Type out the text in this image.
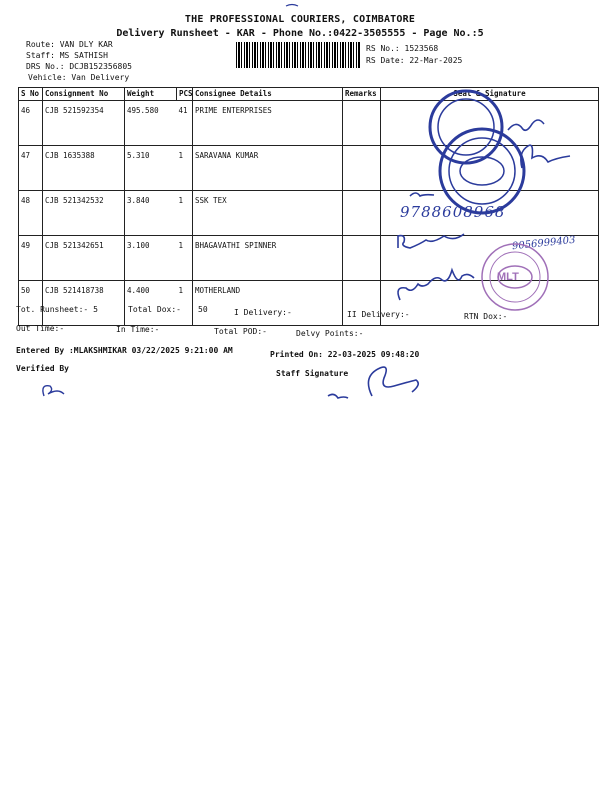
THE PROFESSIONAL COURIERS, COIMBATORE
Delivery Runsheet - KAR - Phone No.:0422-3505555 - Page No.:5
Route: VAN DLY KAR
Staff: MS SATHISH
DRS No.: DCJB152356805
Vehicle: Van Delivery
RS No.: 1523568
RS Date: 22-Mar-2025
S No	Consignment No	Weight	PCS	Consignee Details	Remarks	Seal & Signature
46	CJB 521592354	495.580	41	PRIME ENTERPRISES		
47	CJB 1635388	5.310	1	SARAVANA KUMAR		
48	CJB 521342532	3.840	1	SSK TEX		
49	CJB 521342651	3.100	1	BHAGAVATHI SPINNER		
50	CJB 521418738	4.400	1	MOTHERLAND		
Tot. Runsheet:- 5	Total Dox:- 50	I Delivery:-	II Delivery:-	RTN Dox:-
Out Time:-	In Time:-	Total POD:-	Delvy Points:-
Entered By :MLAKSHMIKAR 03/22/2025 9:21:00 AM	Printed On: 22-03-2025 09:48:20
Verified By
Staff Signature
9788608968
9056999403
MLT
